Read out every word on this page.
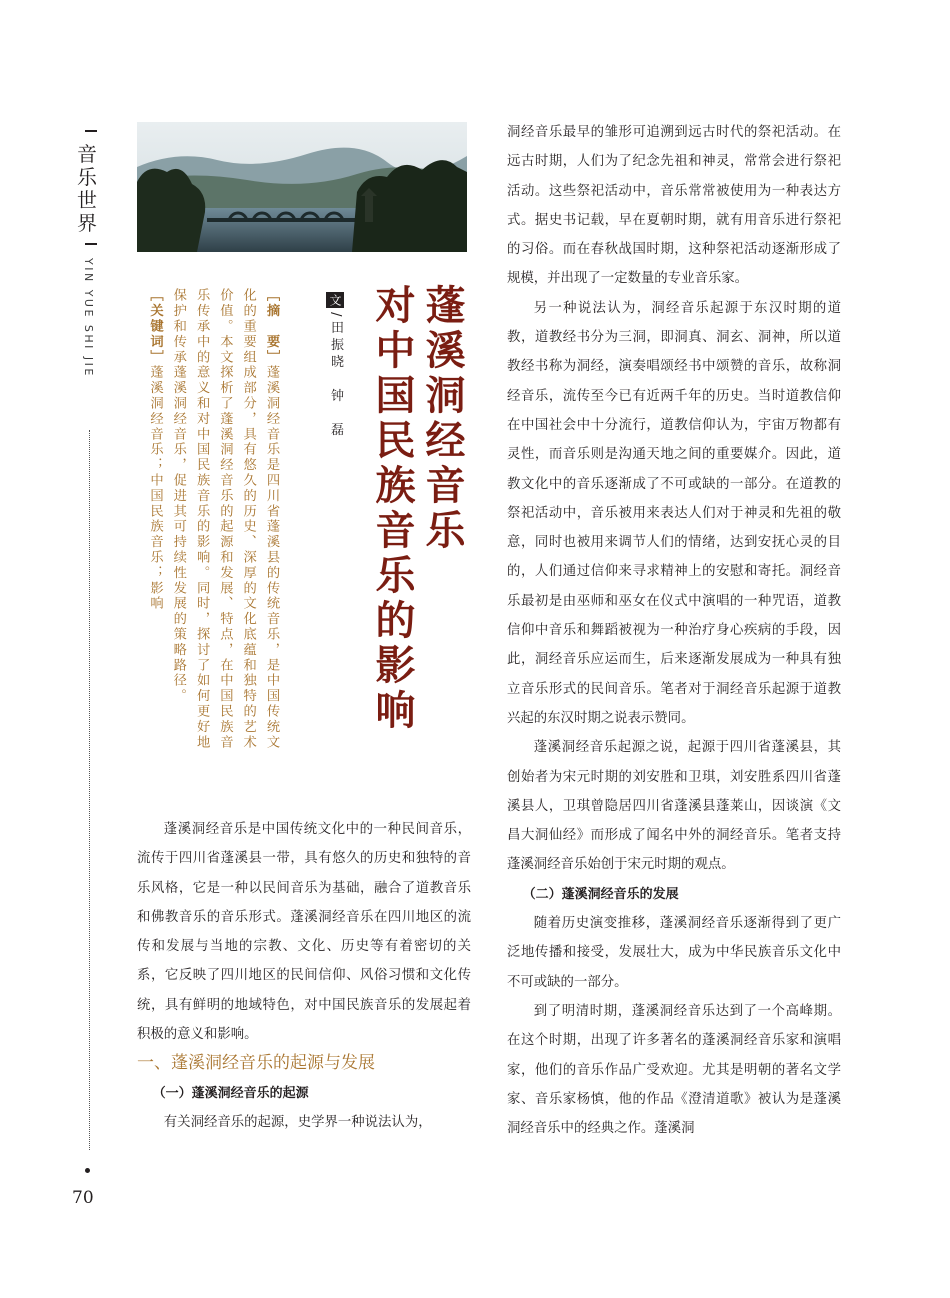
音
乐
世
界
YIN YUE SHI JIE
70
蓬溪洞经音乐
对中国民族音乐的影响
文 /田振晓　钟　磊

［摘　要］蓬溪洞经音乐是四川省蓬溪县的传统音乐，是中国传统文化的重要组成部分，具有悠久的历史、深厚的文化底蕴和独特的艺术价值。本文探析了蓬溪洞经音乐的起源和发展、特点，在中国民族音乐传承中的意义和对中国民族音乐的影响。同时，探讨了如何更好地保护和传承蓬溪洞经音乐，促进其可持续性发展的策略路径。

［关键词］蓬溪洞经音乐；中国民族音乐；影响

蓬溪洞经音乐是中国传统文化中的一种民间音乐，流传于四川省蓬溪县一带，具有悠久的历史和独特的音乐风格，它是一种以民间音乐为基础，融合了道教音乐和佛教音乐的音乐形式。蓬溪洞经音乐在四川地区的流传和发展与当地的宗教、文化、历史等有着密切的关系，它反映了四川地区的民间信仰、风俗习惯和文化传统，具有鲜明的地域特色，对中国民族音乐的发展起着积极的意义和影响。

一、蓬溪洞经音乐的起源与发展

（一）蓬溪洞经音乐的起源

有关洞经音乐的起源，史学界一种说法认为，

洞经音乐最早的雏形可追溯到远古时代的祭祀活动。在远古时期，人们为了纪念先祖和神灵，常常会进行祭祀活动。这些祭祀活动中，音乐常常被使用为一种表达方式。据史书记载，早在夏朝时期，就有用音乐进行祭祀的习俗。而在春秋战国时期，这种祭祀活动逐渐形成了规模，并出现了一定数量的专业音乐家。

另一种说法认为，洞经音乐起源于东汉时期的道教，道教经书分为三洞，即洞真、洞玄、洞神，所以道教经书称为洞经，演奏唱颂经书中颂赞的音乐，故称洞经音乐，流传至今已有近两千年的历史。当时道教信仰在中国社会中十分流行，道教信仰认为，宇宙万物都有灵性，而音乐则是沟通天地之间的重要媒介。因此，道教文化中的音乐逐渐成了不可或缺的一部分。在道教的祭祀活动中，音乐被用来表达人们对于神灵和先祖的敬意，同时也被用来调节人们的情绪，达到安抚心灵的目的，人们通过信仰来寻求精神上的安慰和寄托。洞经音乐最初是由巫师和巫女在仪式中演唱的一种咒语，道教信仰中音乐和舞蹈被视为一种治疗身心疾病的手段，因此，洞经音乐应运而生，后来逐渐发展成为一种具有独立音乐形式的民间音乐。笔者对于洞经音乐起源于道教兴起的东汉时期之说表示赞同。

蓬溪洞经音乐起源之说，起源于四川省蓬溪县，其创始者为宋元时期的刘安胜和卫琪，刘安胜系四川省蓬溪县人，卫琪曾隐居四川省蓬溪县蓬莱山，因谈演《文昌大洞仙经》而形成了闻名中外的洞经音乐。笔者支持蓬溪洞经音乐始创于宋元时期的观点。

（二）蓬溪洞经音乐的发展

随着历史演变推移，蓬溪洞经音乐逐渐得到了更广泛地传播和接受，发展壮大，成为中华民族音乐文化中不可或缺的一部分。

到了明清时期，蓬溪洞经音乐达到了一个高峰期。在这个时期，出现了许多著名的蓬溪洞经音乐家和演唱家，他们的音乐作品广受欢迎。尤其是明朝的著名文学家、音乐家杨慎，他的作品《澄清道歌》被认为是蓬溪洞经音乐中的经典之作。蓬溪洞
